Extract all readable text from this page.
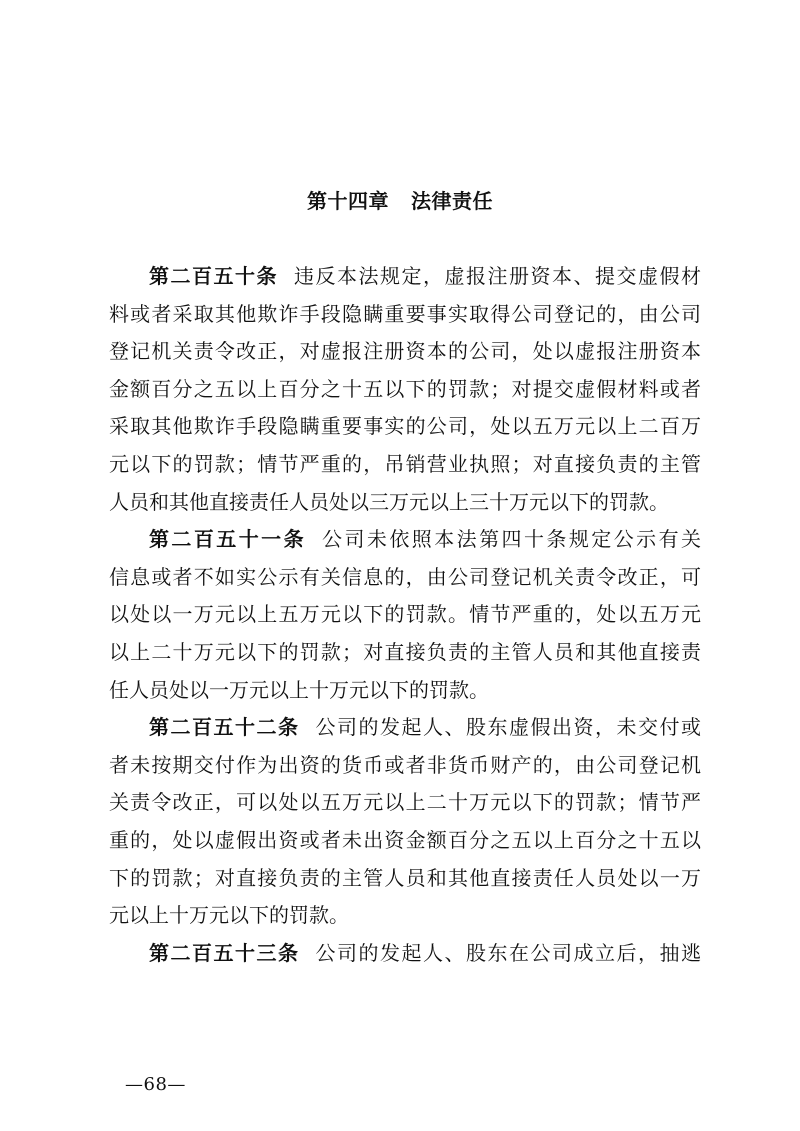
第十四章 法律责任
第二百五十条 违反本法规定，虚报注册资本、提交虚假材
料或者采取其他欺诈手段隐瞒重要事实取得公司登记的，由公司
登记机关责令改正，对虚报注册资本的公司，处以虚报注册资本
金额百分之五以上百分之十五以下的罚款；对提交虚假材料或者
采取其他欺诈手段隐瞒重要事实的公司，处以五万元以上二百万
元以下的罚款；情节严重的，吊销营业执照；对直接负责的主管
人员和其他直接责任人员处以三万元以上三十万元以下的罚款。
第二百五十一条 公司未依照本法第四十条规定公示有关
信息或者不如实公示有关信息的，由公司登记机关责令改正，可
以处以一万元以上五万元以下的罚款。情节严重的，处以五万元
以上二十万元以下的罚款；对直接负责的主管人员和其他直接责
任人员处以一万元以上十万元以下的罚款。
第二百五十二条 公司的发起人、股东虚假出资，未交付或
者未按期交付作为出资的货币或者非货币财产的，由公司登记机
关责令改正，可以处以五万元以上二十万元以下的罚款；情节严
重的，处以虚假出资或者未出资金额百分之五以上百分之十五以
下的罚款；对直接负责的主管人员和其他直接责任人员处以一万
元以上十万元以下的罚款。
第二百五十三条 公司的发起人、股东在公司成立后，抽逃
—68—
